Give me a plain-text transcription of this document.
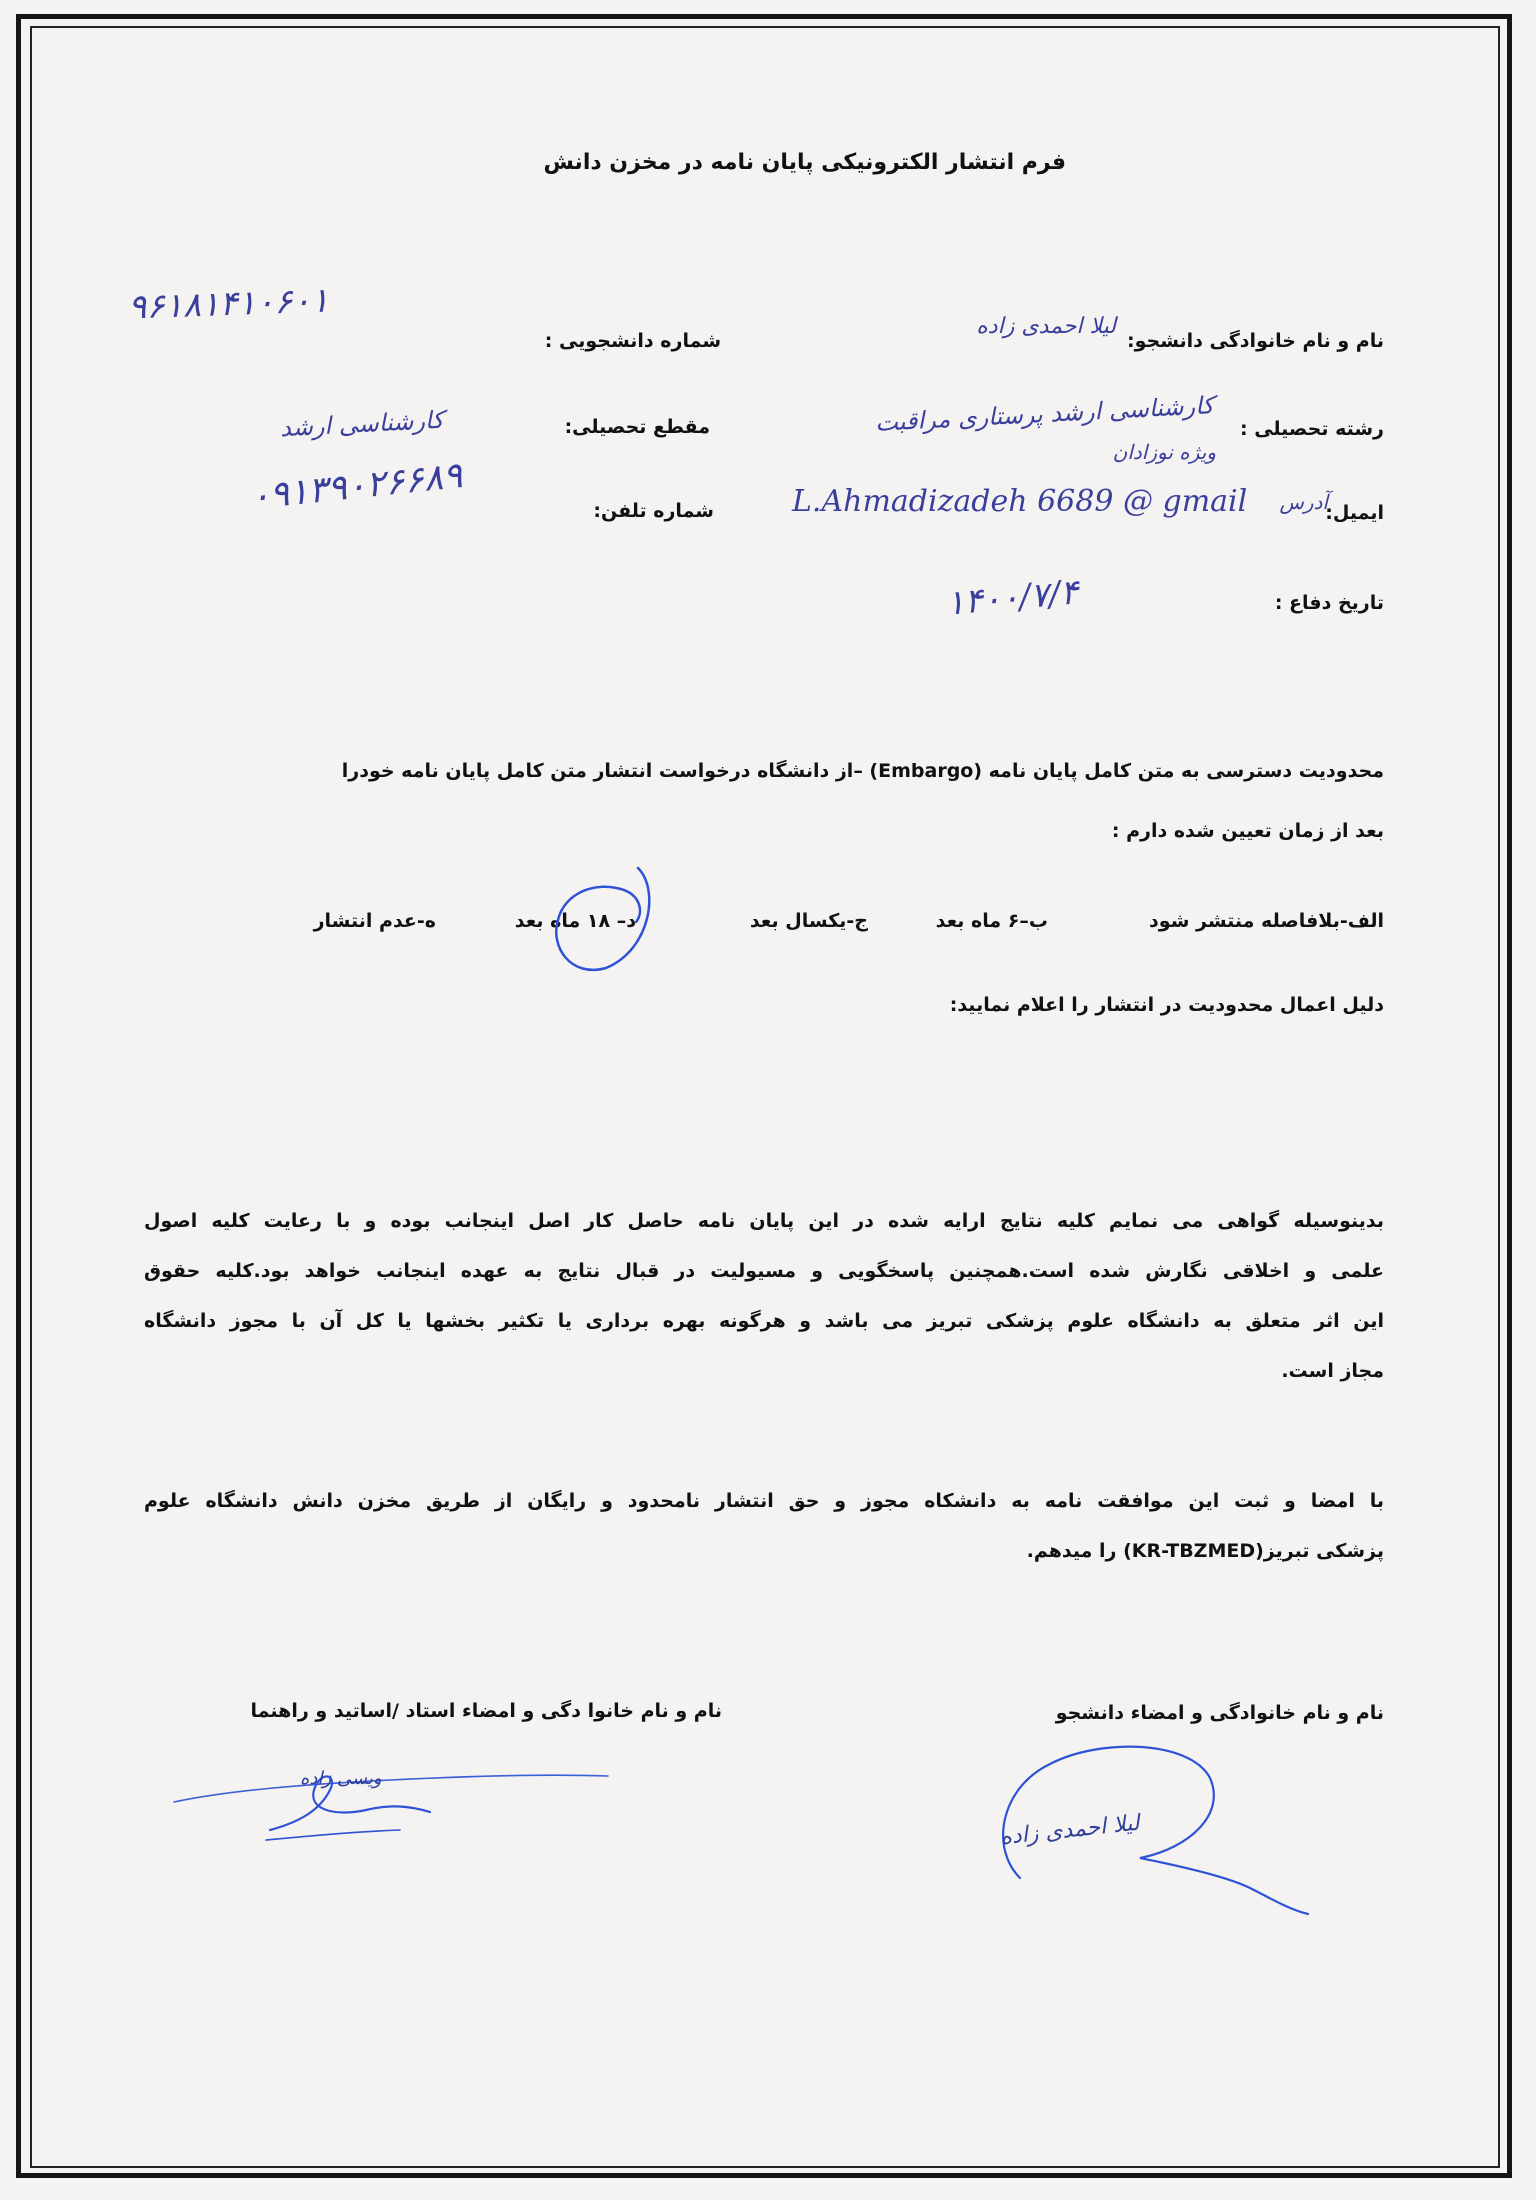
فرم انتشار الکترونیکی پایان نامه در مخزن دانش
نام و نام خانوادگی دانشجو:
لیلا احمدی زاده
شماره دانشجویی :
۹۶۱۸۱۴۱۰۶۰۱
رشته تحصیلی :
کارشناسی ارشد پرستاری مراقبت
ویژه نوزادان
مقطع تحصیلی:
کارشناسی ارشد
۰۹۱۳۹۰۲۶۶۸۹	شماره تلفن:	ایمیل:
آدرس
L.Ahmadizadeh 6689 @ gmail
تاریخ دفاع :
۱۴۰۰/۷/۴
محدودیت دسترسی به متن کامل پایان نامه (Embargo) –از دانشگاه درخواست انتشار متن کامل پایان نامه خودرا
بعد از زمان تعیین شده دارم :
الف-بلافاصله منتشر شود
ب–۶ ماه بعد
ج-یکسال بعد
د– ۱۸ ماه بعد
ه-عدم انتشار
دلیل اعمال محدودیت در انتشار را اعلام نمایید:
بدینوسیله گواهی می نمایم کلیه نتایج ارایه شده در این پایان نامه حاصل کار اصل اینجانب بوده و با رعایت کلیه اصول
علمی و اخلاقی نگارش شده است.همچنین پاسخگویی و مسیولیت در قبال نتایج به عهده اینجانب خواهد بود.کلیه حقوق
این اثر متعلق به دانشگاه علوم پزشکی تبریز می باشد و هرگونه بهره برداری یا تکثیر بخشها یا کل آن با مجوز دانشگاه
مجاز است.
با امضا و ثبت این موافقت نامه به دانشکاه مجوز و حق انتشار نامحدود و رایگان از طریق مخزن دانش دانشگاه علوم
پزشکی تبریز(KR-TBZMED) را میدهم.
نام و نام خانوادگی و امضاء دانشجو
نام و نام خانوا دگی و امضاء استاد /اساتید و راهنما
لیلا احمدی زاده
ویسی زاده
